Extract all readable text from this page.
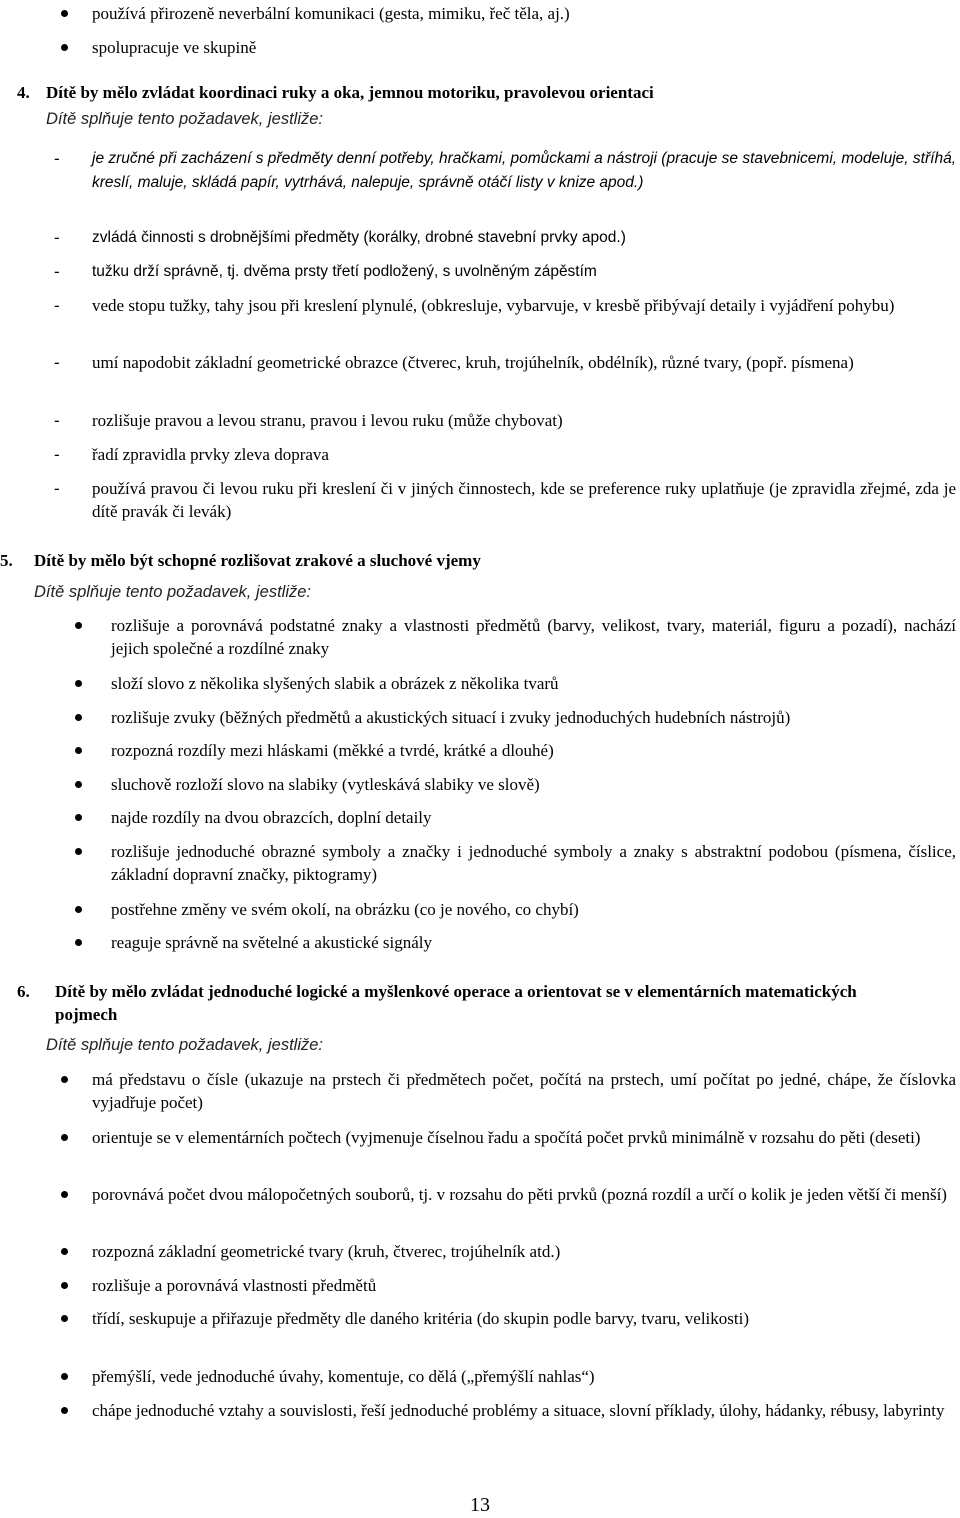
používá přirozeně neverbální komunikaci (gesta, mimiku, řeč těla, aj.)
spolupracuje ve skupině
4. Dítě by mělo zvládat koordinaci ruky a oka, jemnou motoriku, pravolevou orientaci
Dítě splňuje tento požadavek, jestliže:
- je zručné při zacházení s předměty denní potřeby, hračkami, pomůckami a nástroji (pracuje se stavebnicemi, modeluje, stříhá, kreslí, maluje, skládá papír, vytrhává, nalepuje, správně otáčí listy v knize apod.)
- zvládá činnosti s drobnějšími předměty (korálky, drobné stavební prvky apod.)
- tužku drží správně, tj. dvěma prsty třetí podložený, s uvolněným zápěstím
- vede stopu tužky, tahy jsou při kreslení plynulé, (obkresluje, vybarvuje, v kresbě přibývají detaily i vyjádření pohybu)
- umí napodobit základní geometrické obrazce (čtverec, kruh, trojúhelník, obdélník), různé tvary, (popř. písmena)
- rozlišuje pravou a levou stranu, pravou i levou ruku (může chybovat)
- řadí zpravidla prvky zleva doprava
- používá pravou či levou ruku při kreslení či v jiných činnostech, kde se preference ruky uplatňuje (je zpravidla zřejmé, zda je dítě pravák či levák)
5. Dítě by mělo být schopné rozlišovat zrakové a sluchové vjemy
Dítě splňuje tento požadavek, jestliže:
rozlišuje a porovnává podstatné znaky a vlastnosti předmětů (barvy, velikost, tvary, materiál, figuru a pozadí), nachází jejich společné a rozdílné znaky
složí slovo z několika slyšených slabik a obrázek z několika tvarů
rozlišuje zvuky (běžných předmětů a akustických situací i zvuky jednoduchých hudebních nástrojů)
rozpozná rozdíly mezi hláskami (měkké a tvrdé, krátké a dlouhé)
sluchově rozloží slovo na slabiky (vytleskává slabiky ve slově)
najde rozdíly na dvou obrazcích, doplní detaily
rozlišuje jednoduché obrazné symboly a značky i jednoduché symboly a znaky s abstraktní podobou (písmena, číslice, základní dopravní značky, piktogramy)
postřehne změny ve svém okolí, na obrázku (co je nového, co chybí)
reaguje správně na světelné a akustické signály
6. Dítě by mělo zvládat jednoduché logické a myšlenkové operace a orientovat se v elementárních matematických pojmech
Dítě splňuje tento požadavek, jestliže:
má představu o čísle (ukazuje na prstech či předmětech počet, počítá na prstech, umí počítat po jedné, chápe, že číslovka vyjadřuje počet)
orientuje se v elementárních počtech (vyjmenuje číselnou řadu a spočítá počet prvků minimálně v rozsahu do pěti (deseti)
porovnává počet dvou málopočetných souborů, tj. v rozsahu do pěti prvků (pozná rozdíl a určí o kolik je jeden větší či menší)
rozpozná základní geometrické tvary (kruh, čtverec, trojúhelník atd.)
rozlišuje a porovnává vlastnosti předmětů
třídí, seskupuje a přiřazuje předměty dle daného kritéria (do skupin podle barvy, tvaru, velikosti)
přemýšlí, vede jednoduché úvahy, komentuje, co dělá („přemýšlí nahlas“)
chápe jednoduché vztahy a souvislosti, řeší jednoduché problémy a situace, slovní příklady, úlohy, hádanky, rébusy, labyrinty
13
